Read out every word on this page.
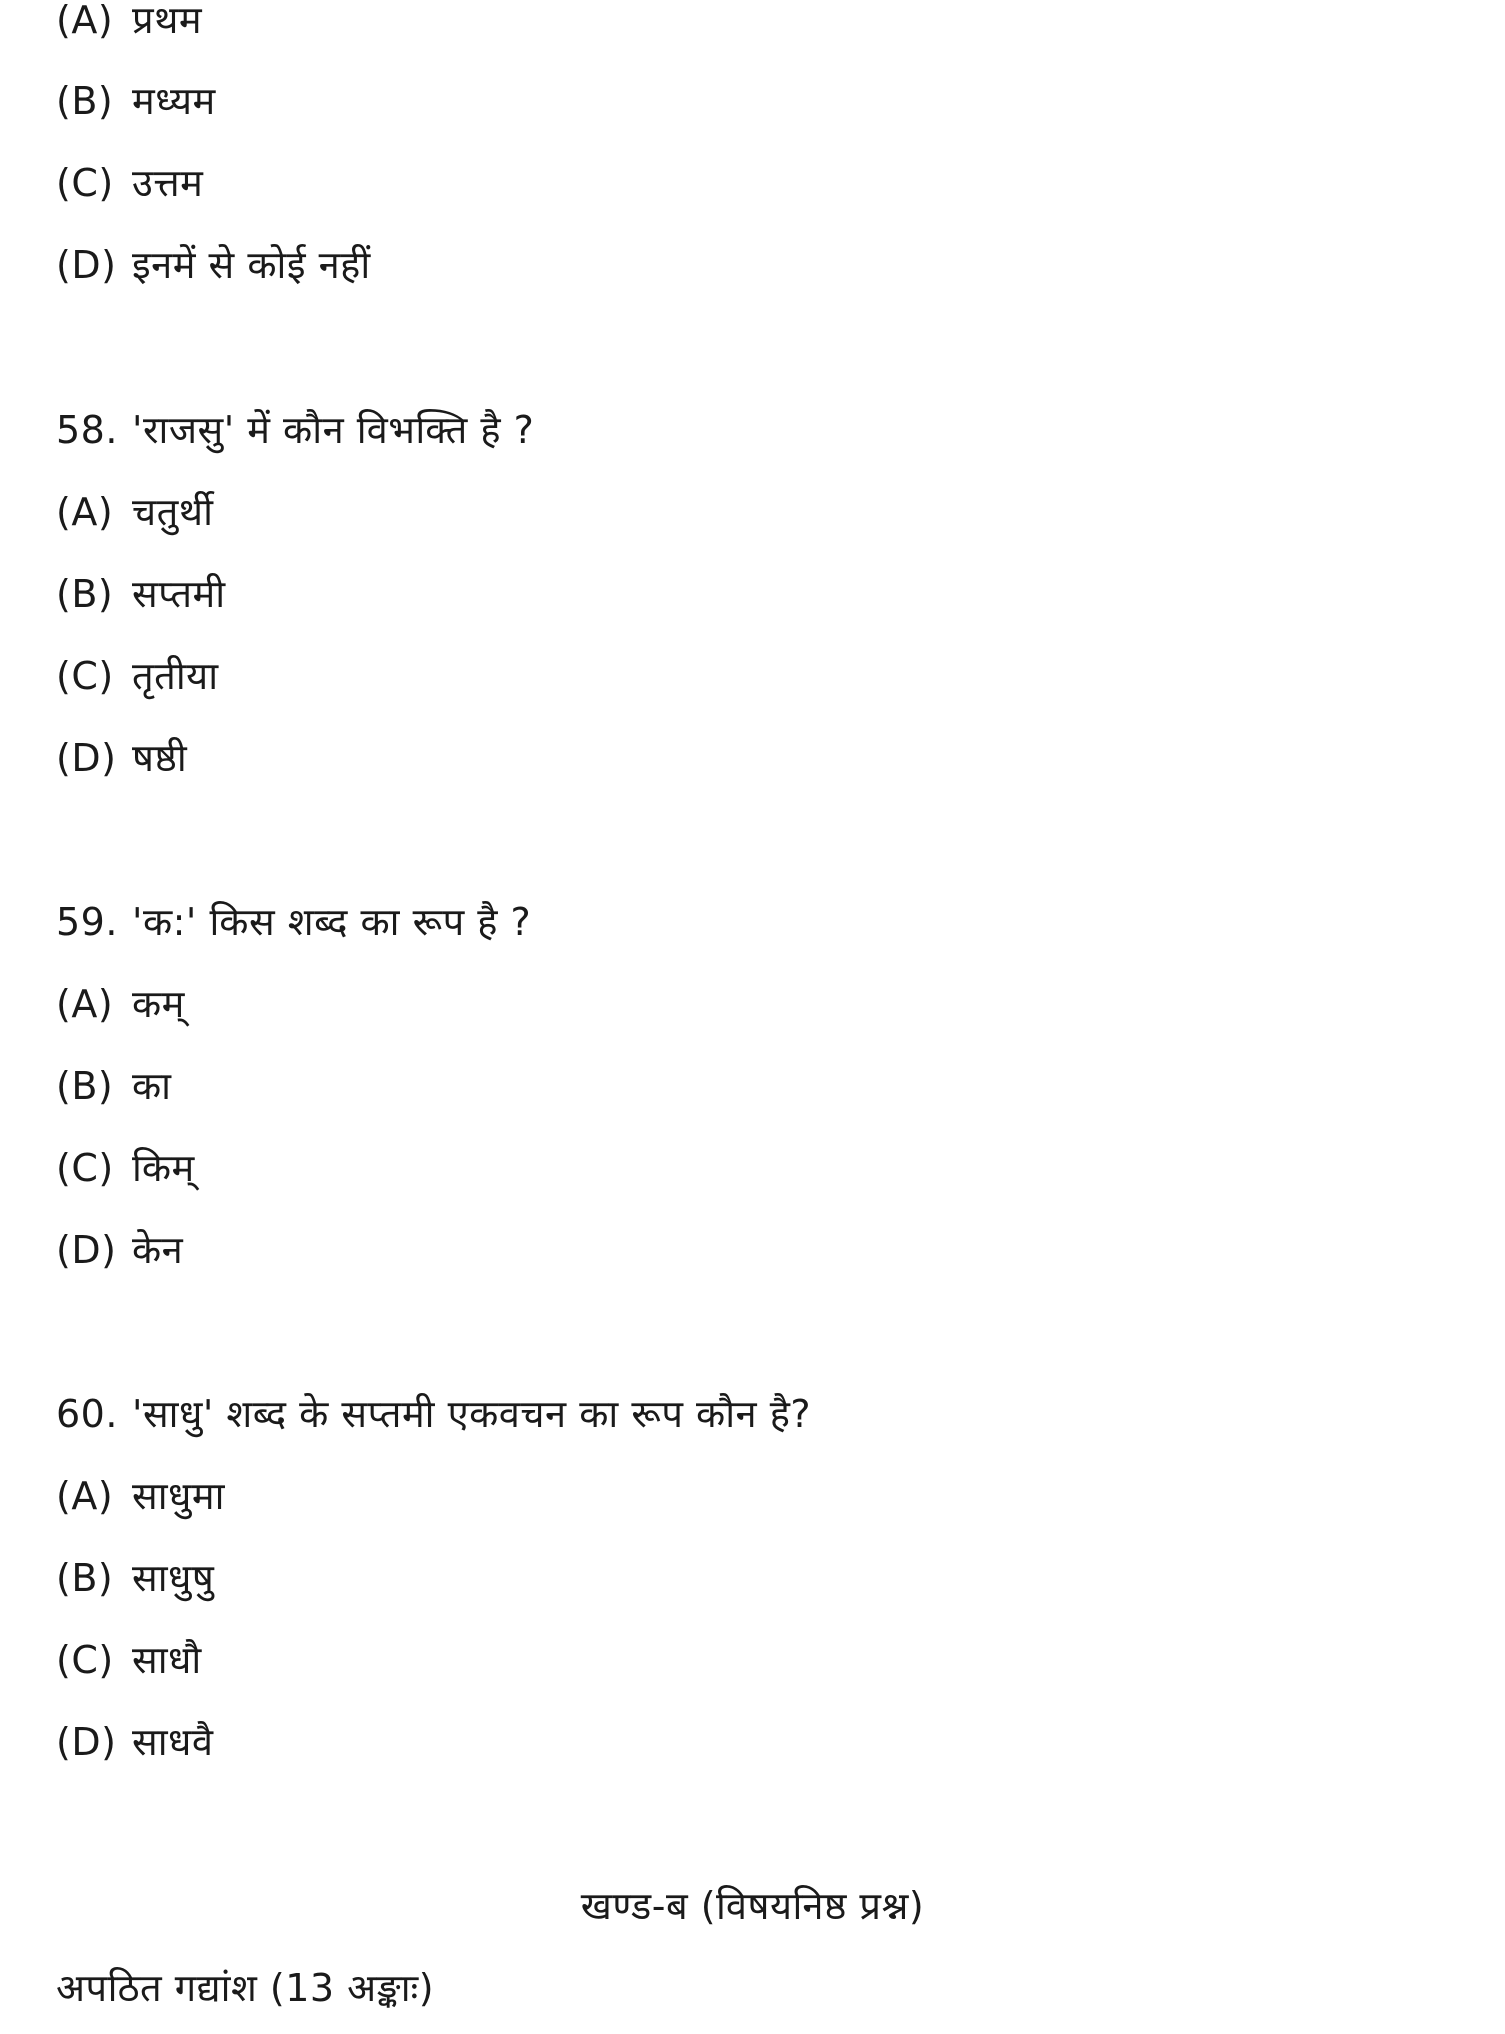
(A) प्रथम
(B) मध्यम
(C) उत्तम
(D) इनमें से कोई नहीं
58. 'राजसु' में कौन विभक्ति है ?
(A) चतुर्थी
(B) सप्तमी
(C) तृतीया
(D) षष्ठी
59. 'क:' किस शब्द का रूप है ?
(A) कम्
(B) का
(C) किम्
(D) केन
60. 'साधु' शब्द के सप्तमी एकवचन का रूप कौन है?
(A) साधुमा
(B) साधुषु
(C) साधौ
(D) साधवै
खण्ड-ब (विषयनिष्ठ प्रश्न)
अपठित गद्यांश (13 अङ्काः)
